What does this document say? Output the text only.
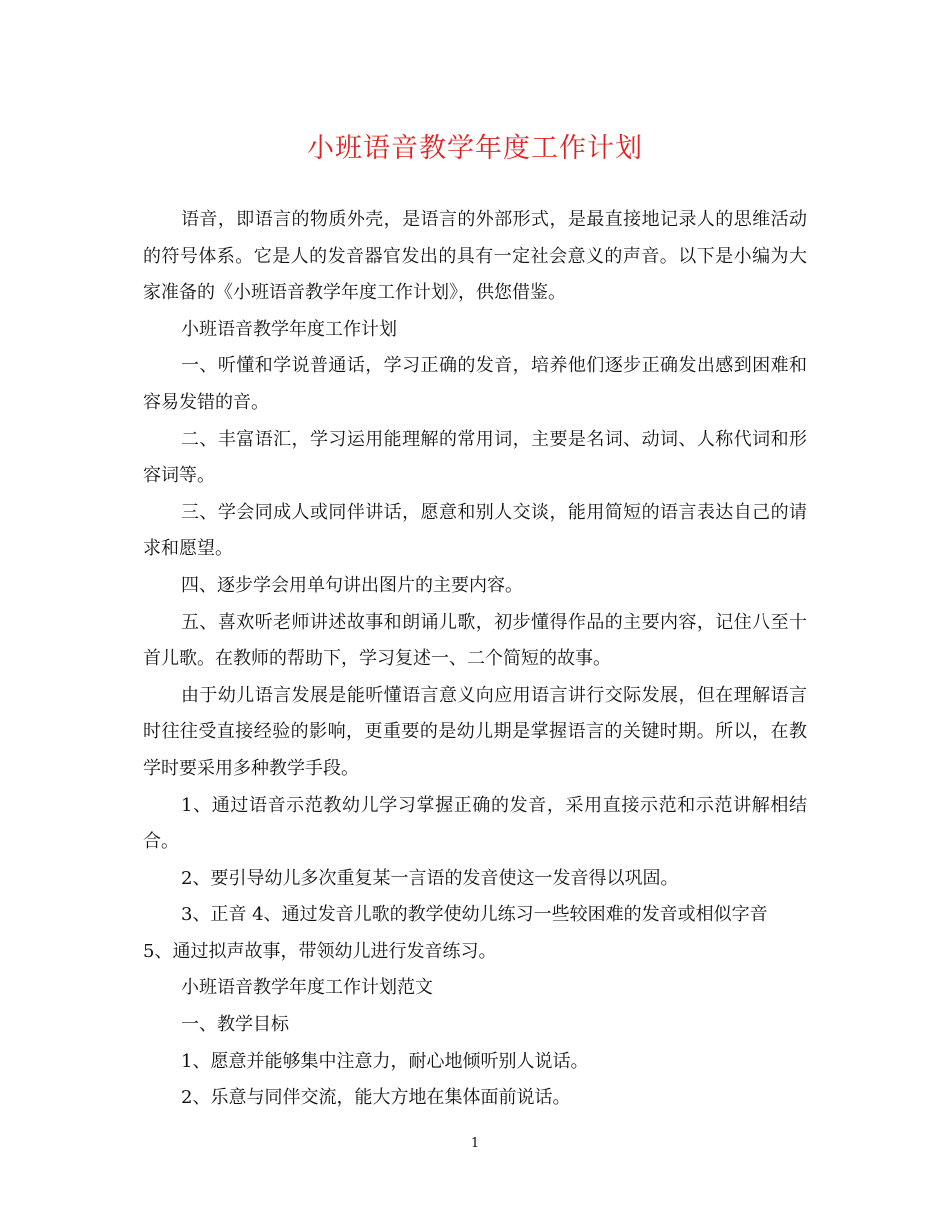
小班语音教学年度工作计划

语音，即语言的物质外壳，是语言的外部形式，是最直接地记录人的思维活动的符号体系。它是人的发音器官发出的具有一定社会意义的声音。以下是小编为大家准备的《小班语音教学年度工作计划》，供您借鉴。

小班语音教学年度工作计划

一、听懂和学说普通话，学习正确的发音，培养他们逐步正确发出感到困难和容易发错的音。

二、丰富语汇，学习运用能理解的常用词，主要是名词、动词、人称代词和形容词等。

三、学会同成人或同伴讲话，愿意和别人交谈，能用简短的语言表达自己的请求和愿望。

四、逐步学会用单句讲出图片的主要内容。

五、喜欢听老师讲述故事和朗诵儿歌，初步懂得作品的主要内容，记住八至十首儿歌。在教师的帮助下，学习复述一、二个简短的故事。

由于幼儿语言发展是能听懂语言意义向应用语言讲行交际发展，但在理解语言时往往受直接经验的影响，更重要的是幼儿期是掌握语言的关键时期。所以，在教学时要采用多种教学手段。

1、通过语音示范教幼儿学习掌握正确的发音，采用直接示范和示范讲解相结合。

2、要引导幼儿多次重复某一言语的发音使这一发音得以巩固。

3、正音 4、通过发音儿歌的教学使幼儿练习一些较困难的发音或相似字音

5、通过拟声故事，带领幼儿进行发音练习。

小班语音教学年度工作计划范文

一、教学目标

1、愿意并能够集中注意力，耐心地倾听别人说话。

2、乐意与同伴交流，能大方地在集体面前说话。

1
